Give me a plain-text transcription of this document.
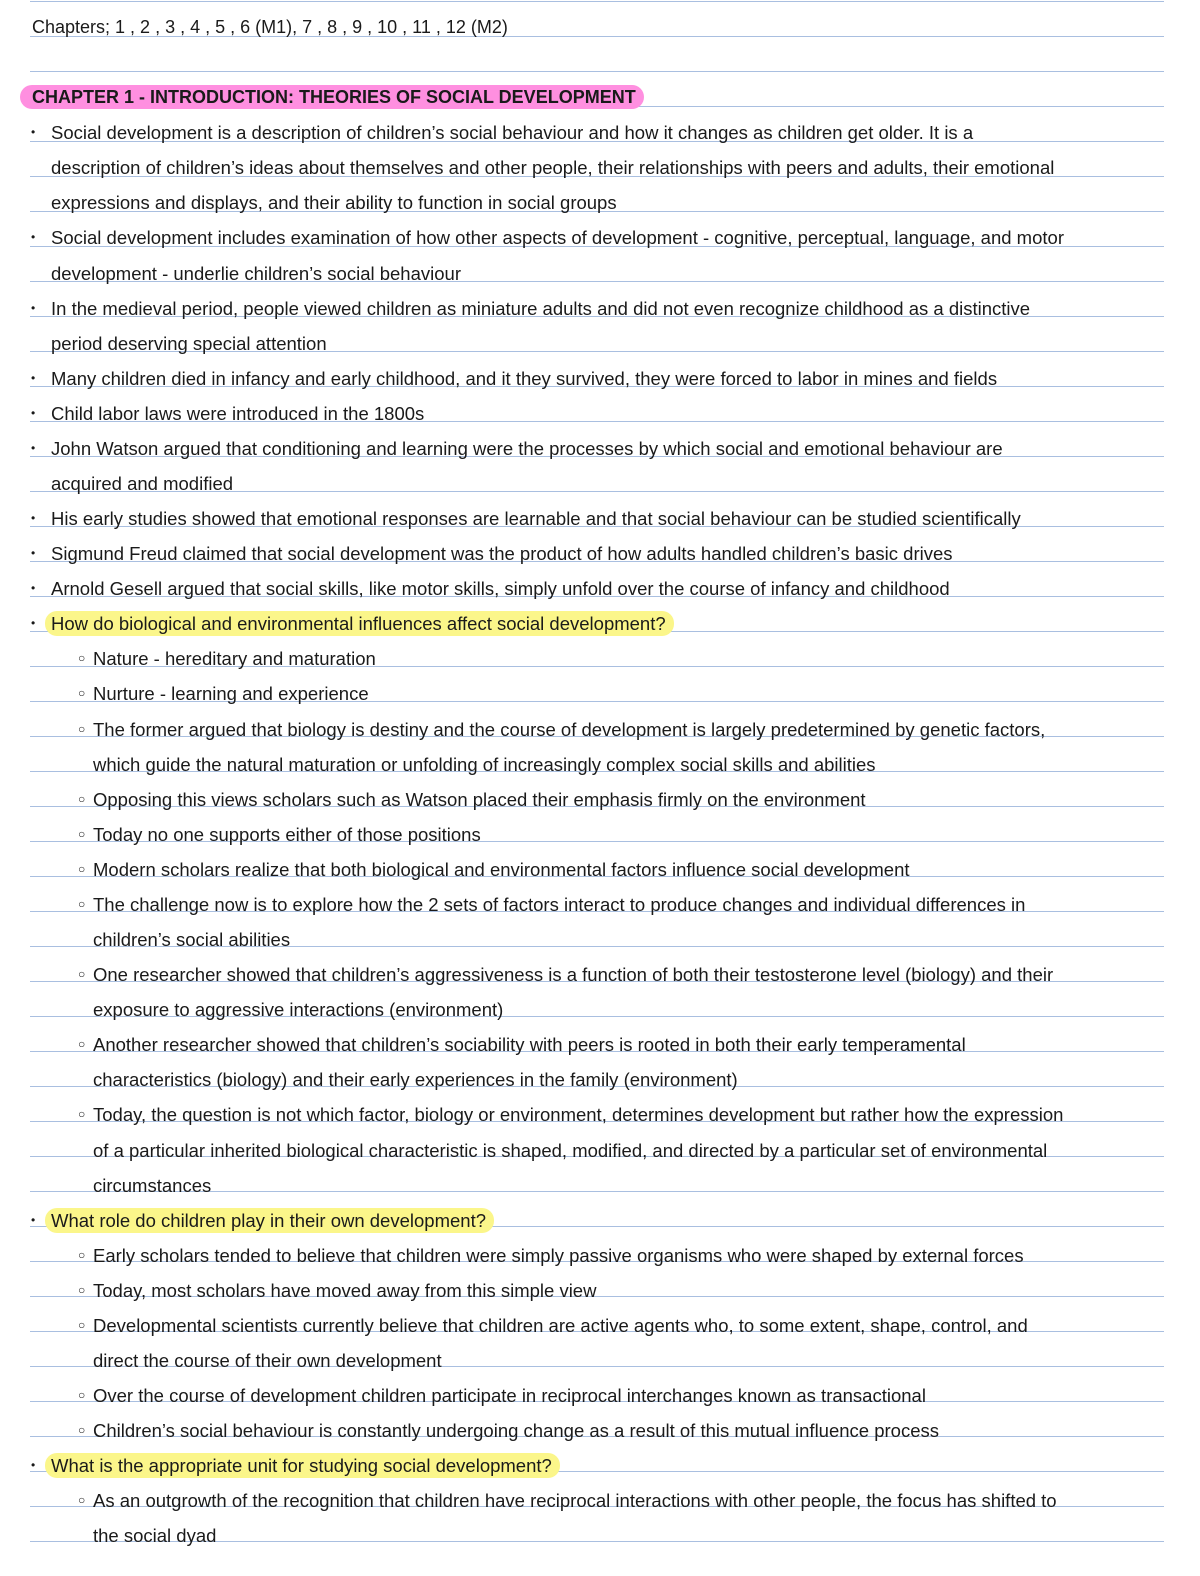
Chapters; 1 , 2 , 3 , 4 , 5 , 6 (M1), 7 , 8 , 9 , 10 , 11 , 12 (M2)
CHAPTER 1 - INTRODUCTION: THEORIES OF SOCIAL DEVELOPMENT
• Social development is a description of children’s social behaviour and how it changes as children get older. It is a
description of children’s ideas about themselves and other people, their relationships with peers and adults, their emotional
expressions and displays, and their ability to function in social groups
• Social development includes examination of how other aspects of development - cognitive, perceptual, language, and motor
development - underlie children’s social behaviour
• In the medieval period, people viewed children as miniature adults and did not even recognize childhood as a distinctive
period deserving special attention
• Many children died in infancy and early childhood, and it they survived, they were forced to labor in mines and fields
• Child labor laws were introduced in the 1800s
• John Watson argued that conditioning and learning were the processes by which social and emotional behaviour are
acquired and modified
• His early studies showed that emotional responses are learnable and that social behaviour can be studied scientifically
• Sigmund Freud claimed that social development was the product of how adults handled children’s basic drives
• Arnold Gesell argued that social skills, like motor skills, simply unfold over the course of infancy and childhood
• How do biological and environmental influences affect social development?
○ Nature - hereditary and maturation
○ Nurture - learning and experience
○ The former argued that biology is destiny and the course of development is largely predetermined by genetic factors,
which guide the natural maturation or unfolding of increasingly complex social skills and abilities
○ Opposing this views scholars such as Watson placed their emphasis firmly on the environment
○ Today no one supports either of those positions
○ Modern scholars realize that both biological and environmental factors influence social development
○ The challenge now is to explore how the 2 sets of factors interact to produce changes and individual differences in
children’s social abilities
○ One researcher showed that children’s aggressiveness is a function of both their testosterone level (biology) and their
exposure to aggressive interactions (environment)
○ Another researcher showed that children’s sociability with peers is rooted in both their early temperamental
characteristics (biology) and their early experiences in the family (environment)
○ Today, the question is not which factor, biology or environment, determines development but rather how the expression
of a particular inherited biological characteristic is shaped, modified, and directed by a particular set of environmental
circumstances
• What role do children play in their own development?
○ Early scholars tended to believe that children were simply passive organisms who were shaped by external forces
○ Today, most scholars have moved away from this simple view
○ Developmental scientists currently believe that children are active agents who, to some extent, shape, control, and
direct the course of their own development
○ Over the course of development children participate in reciprocal interchanges known as transactional
○ Children’s social behaviour is constantly undergoing change as a result of this mutual influence process
• What is the appropriate unit for studying social development?
○ As an outgrowth of the recognition that children have reciprocal interactions with other people, the focus has shifted to
the social dyad
